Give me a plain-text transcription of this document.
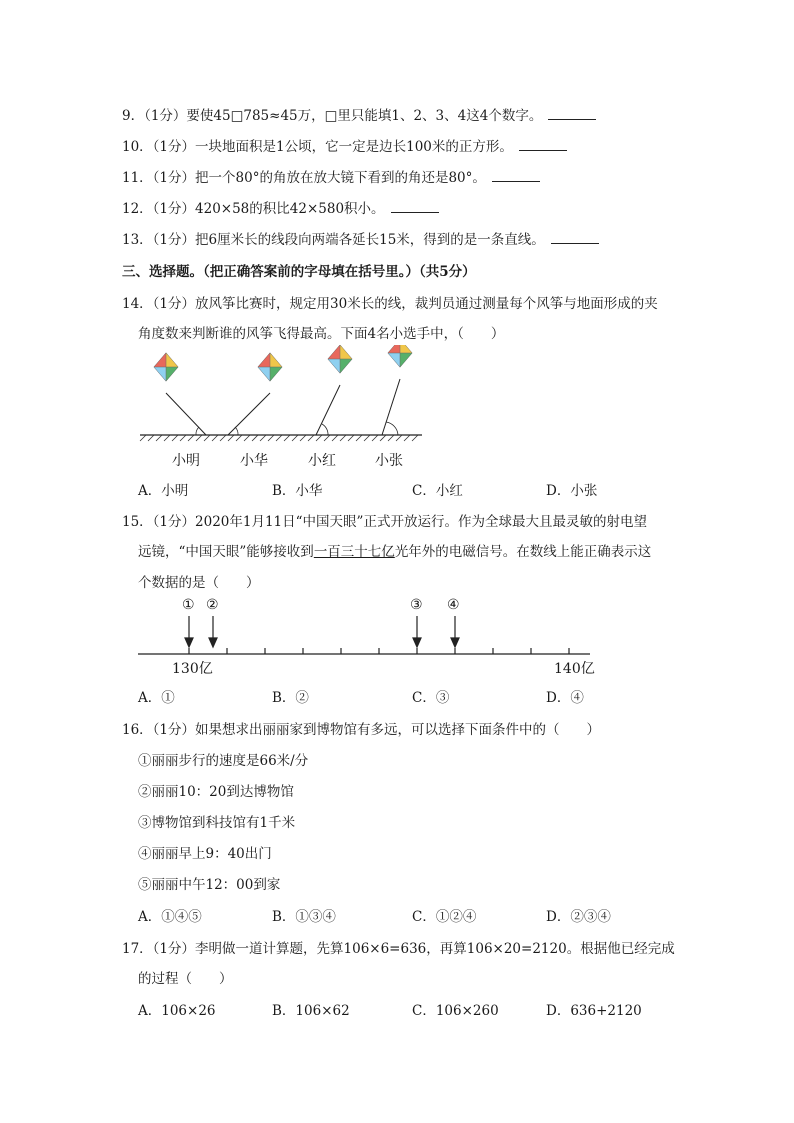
9．（1分）要使45□785≈45万，□里只能填1、2、3、4这4个数字。
10．（1分）一块地面积是1公顷，它一定是边长100米的正方形。
11．（1分）把一个80°的角放在放大镜下看到的角还是80°。
12．（1分）420×58的积比42×580积小。
13．（1分）把6厘米长的线段向两端各延长15米，得到的是一条直线。
三、选择题。（把正确答案前的字母填在括号里。）（共5分）
14．（1分）放风筝比赛时，规定用30米长的线，裁判员通过测量每个风筝与地面形成的夹
角度数来判断谁的风筝飞得最高。下面4名小选手中，（　　）
小明	小华	小红	小张
A．小明	B．小华	C．小红	D．小张
15．（1分）2020年1月11日“中国天眼”正式开放运行。作为全球最大且最灵敏的射电望
远镜，“中国天眼”能够接收到一百三十七亿光年外的电磁信号。在数线上能正确表示这
个数据的是（　　）
① ②	③ ④
130亿	140亿
A．①	B．②	C．③	D．④
16．（1分）如果想求出丽丽家到博物馆有多远，可以选择下面条件中的（　　）
①丽丽步行的速度是66米/分
②丽丽10：20到达博物馆
③博物馆到科技馆有1千米
④丽丽早上9：40出门
⑤丽丽中午12：00到家
A．①④⑤	B．①③④	C．①②④	D．②③④
17．（1分）李明做一道计算题，先算106×6=636，再算106×20=2120。根据他已经完成
的过程（　　）
A．106×26	B．106×62	C．106×260	D．636+2120
